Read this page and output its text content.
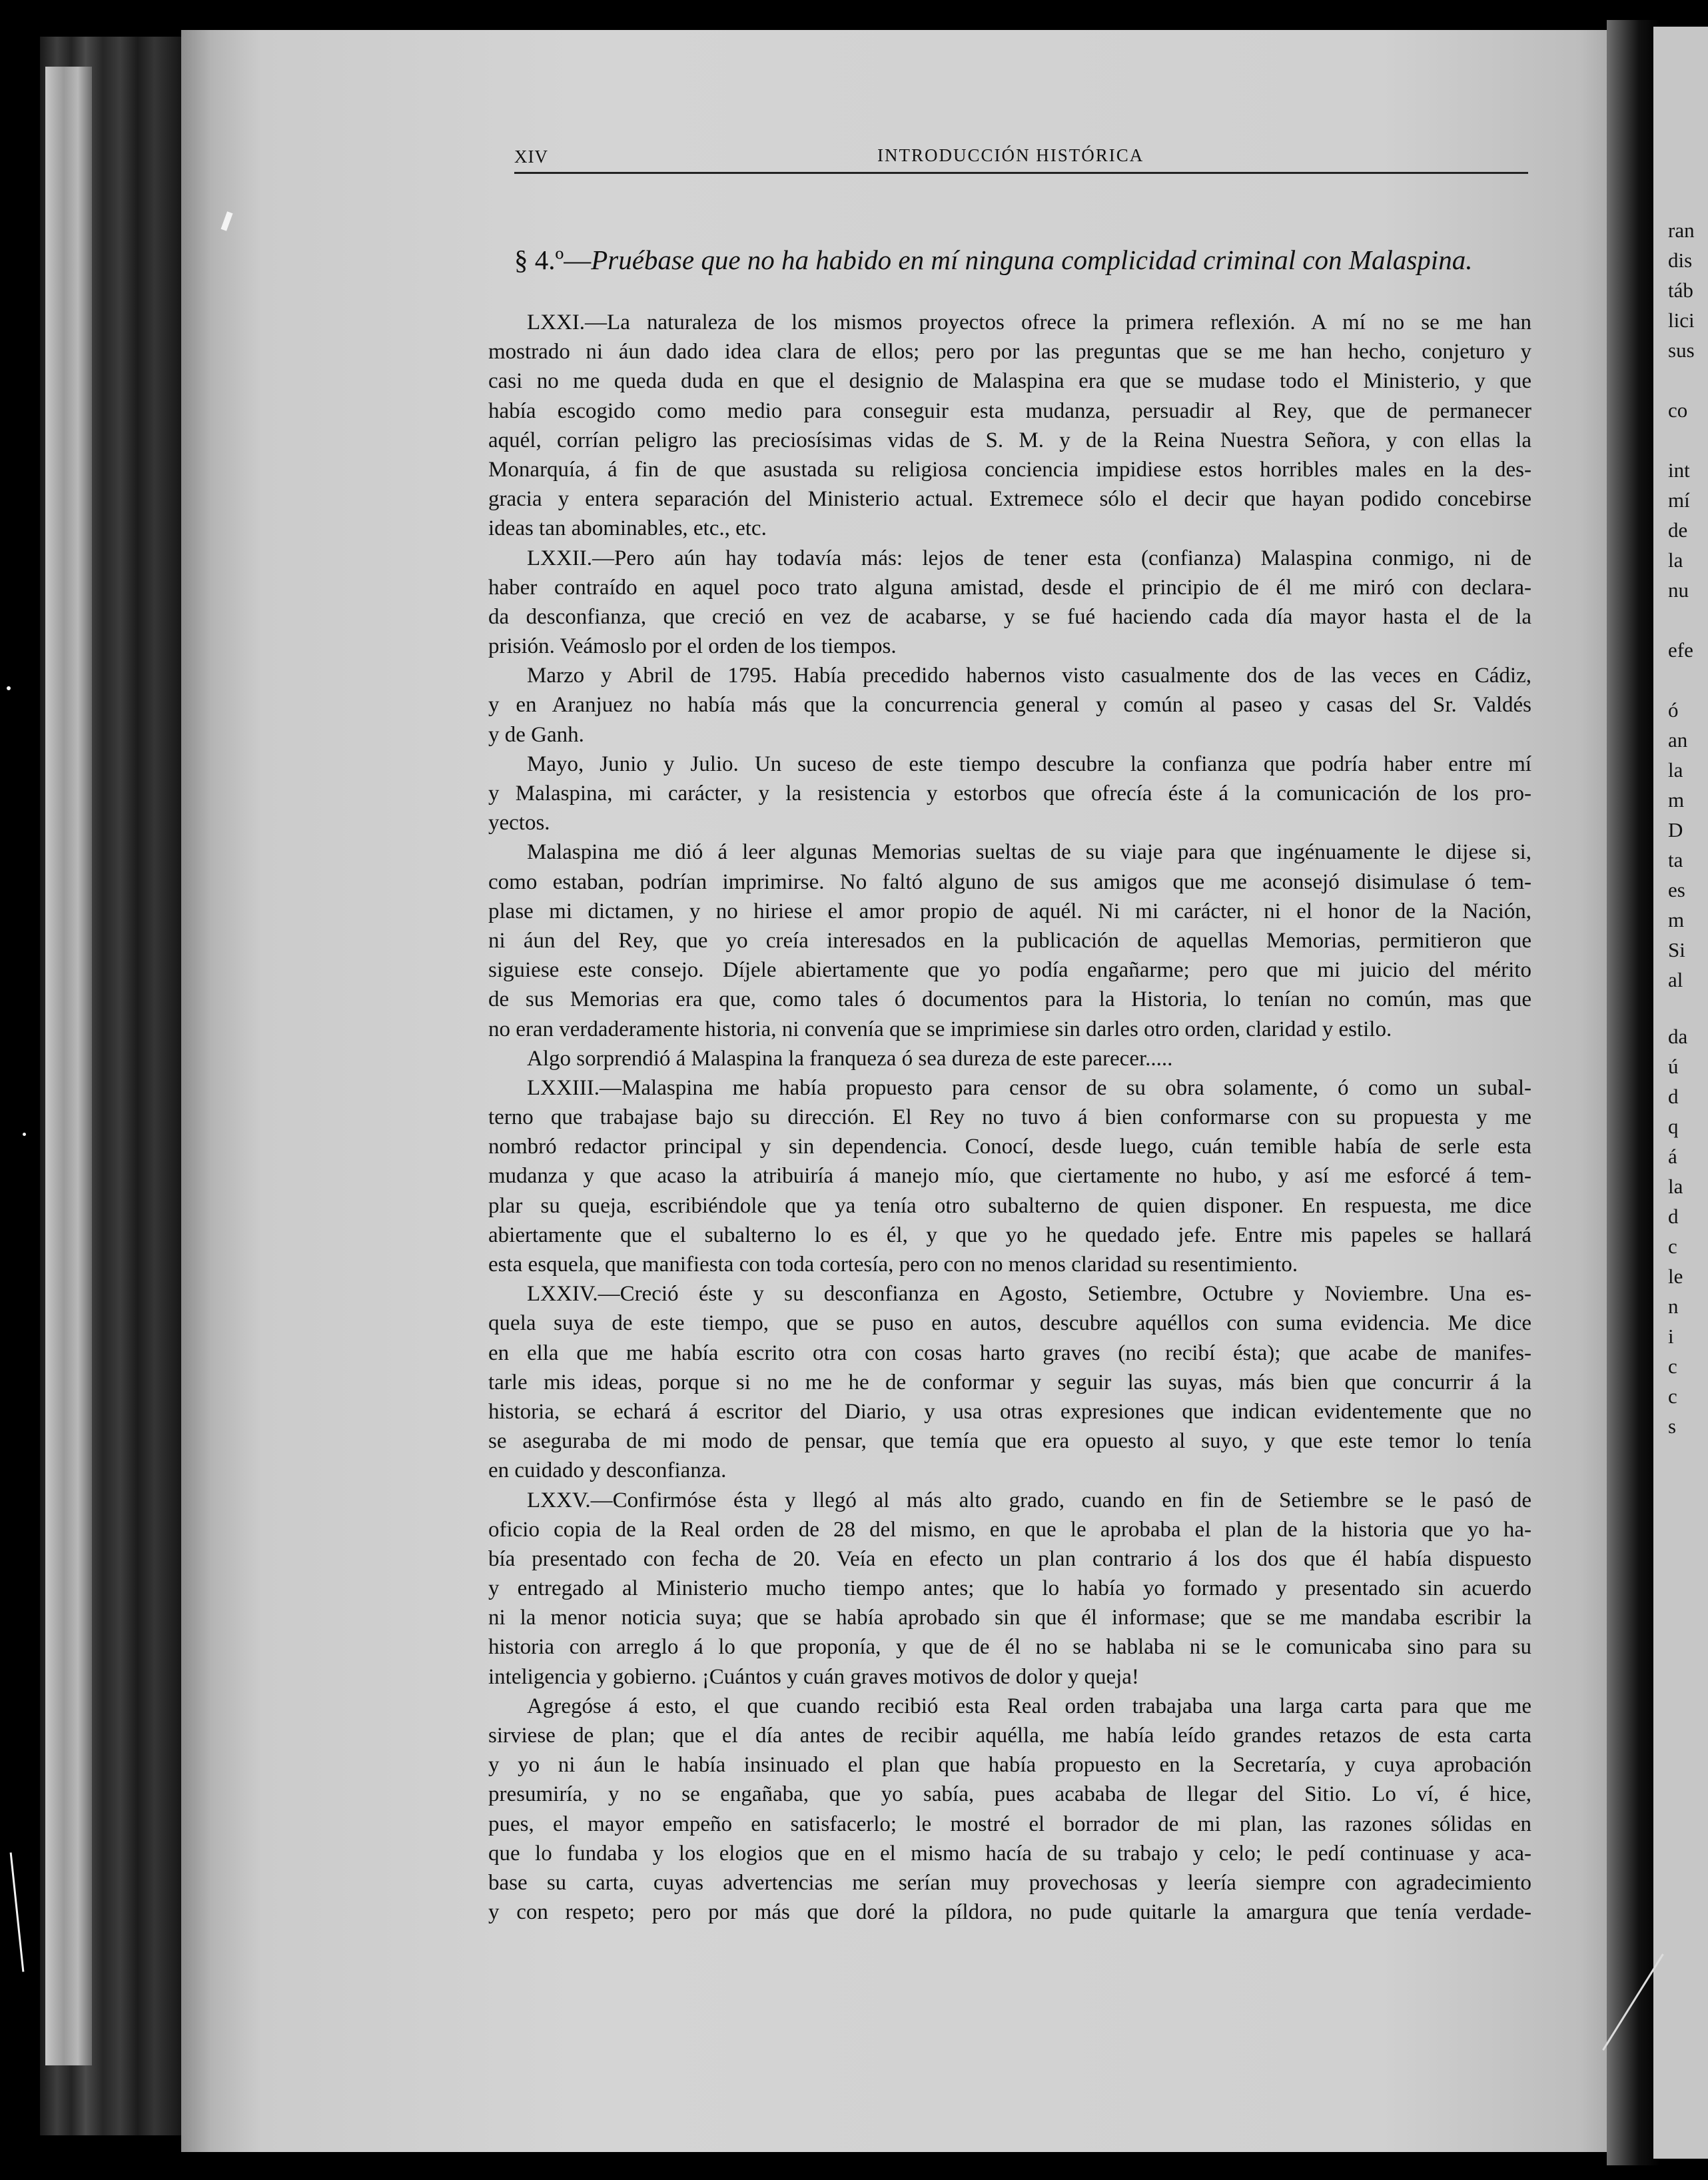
ran
dis
táb
lici
sus
co
int
mí
de
la
nu
efe
ó
an
la
m
D
ta
es
m
Si
al
da
ú
d
q
á
la
d
c
le
n
i
c
c
s
XIV	INTRODUCCIÓN HISTÓRICA
§ 4.º—Pruébase que no ha habido en mí ninguna complicidad criminal con Malaspina.
LXXI.—La naturaleza de los mismos proyectos ofrece la primera reflexión. A mí no se me han
mostrado ni áun dado idea clara de ellos; pero por las preguntas que se me han hecho, conjeturo y
casi no me queda duda en que el designio de Malaspina era que se mudase todo el Ministerio, y que
había escogido como medio para conseguir esta mudanza, persuadir al Rey, que de permanecer
aquél, corrían peligro las preciosísimas vidas de S. M. y de la Reina Nuestra Señora, y con ellas la
Monarquía, á fin de que asustada su religiosa conciencia impidiese estos horribles males en la des-
gracia y entera separación del Ministerio actual. Extremece sólo el decir que hayan podido concebirse
ideas tan abominables, etc., etc.
LXXII.—Pero aún hay todavía más: lejos de tener esta (confianza) Malaspina conmigo, ni de
haber contraído en aquel poco trato alguna amistad, desde el principio de él me miró con declara-
da desconfianza, que creció en vez de acabarse, y se fué haciendo cada día mayor hasta el de la
prisión. Veámoslo por el orden de los tiempos.
Marzo y Abril de 1795. Había precedido habernos visto casualmente dos de las veces en Cádiz,
y en Aranjuez no había más que la concurrencia general y común al paseo y casas del Sr. Valdés
y de Ganh.
Mayo, Junio y Julio. Un suceso de este tiempo descubre la confianza que podría haber entre mí
y Malaspina, mi carácter, y la resistencia y estorbos que ofrecía éste á la comunicación de los pro-
yectos.
Malaspina me dió á leer algunas Memorias sueltas de su viaje para que ingénuamente le dijese si,
como estaban, podrían imprimirse. No faltó alguno de sus amigos que me aconsejó disimulase ó tem-
plase mi dictamen, y no hiriese el amor propio de aquél. Ni mi carácter, ni el honor de la Nación,
ni áun del Rey, que yo creía interesados en la publicación de aquellas Memorias, permitieron que
siguiese este consejo. Díjele abiertamente que yo podía engañarme; pero que mi juicio del mérito
de sus Memorias era que, como tales ó documentos para la Historia, lo tenían no común, mas que
no eran verdaderamente historia, ni convenía que se imprimiese sin darles otro orden, claridad y estilo.
Algo sorprendió á Malaspina la franqueza ó sea dureza de este parecer.....
LXXIII.—Malaspina me había propuesto para censor de su obra solamente, ó como un subal-
terno que trabajase bajo su dirección. El Rey no tuvo á bien conformarse con su propuesta y me
nombró redactor principal y sin dependencia. Conocí, desde luego, cuán temible había de serle esta
mudanza y que acaso la atribuiría á manejo mío, que ciertamente no hubo, y así me esforcé á tem-
plar su queja, escribiéndole que ya tenía otro subalterno de quien disponer. En respuesta, me dice
abiertamente que el subalterno lo es él, y que yo he quedado jefe. Entre mis papeles se hallará
esta esquela, que manifiesta con toda cortesía, pero con no menos claridad su resentimiento.
LXXIV.—Creció éste y su desconfianza en Agosto, Setiembre, Octubre y Noviembre. Una es-
quela suya de este tiempo, que se puso en autos, descubre aquéllos con suma evidencia. Me dice
en ella que me había escrito otra con cosas harto graves (no recibí ésta); que acabe de manifes-
tarle mis ideas, porque si no me he de conformar y seguir las suyas, más bien que concurrir á la
historia, se echará á escritor del Diario, y usa otras expresiones que indican evidentemente que no
se aseguraba de mi modo de pensar, que temía que era opuesto al suyo, y que este temor lo tenía
en cuidado y desconfianza.
LXXV.—Confirmóse ésta y llegó al más alto grado, cuando en fin de Setiembre se le pasó de
oficio copia de la Real orden de 28 del mismo, en que le aprobaba el plan de la historia que yo ha-
bía presentado con fecha de 20. Veía en efecto un plan contrario á los dos que él había dispuesto
y entregado al Ministerio mucho tiempo antes; que lo había yo formado y presentado sin acuerdo
ni la menor noticia suya; que se había aprobado sin que él informase; que se me mandaba escribir la
historia con arreglo á lo que proponía, y que de él no se hablaba ni se le comunicaba sino para su
inteligencia y gobierno. ¡Cuántos y cuán graves motivos de dolor y queja!
Agregóse á esto, el que cuando recibió esta Real orden trabajaba una larga carta para que me
sirviese de plan; que el día antes de recibir aquélla, me había leído grandes retazos de esta carta
y yo ni áun le había insinuado el plan que había propuesto en la Secretaría, y cuya aprobación
presumiría, y no se engañaba, que yo sabía, pues acababa de llegar del Sitio. Lo ví, é hice,
pues, el mayor empeño en satisfacerlo; le mostré el borrador de mi plan, las razones sólidas en
que lo fundaba y los elogios que en el mismo hacía de su trabajo y celo; le pedí continuase y aca-
base su carta, cuyas advertencias me serían muy provechosas y leería siempre con agradecimiento
y con respeto; pero por más que doré la píldora, no pude quitarle la amargura que tenía verdade-
